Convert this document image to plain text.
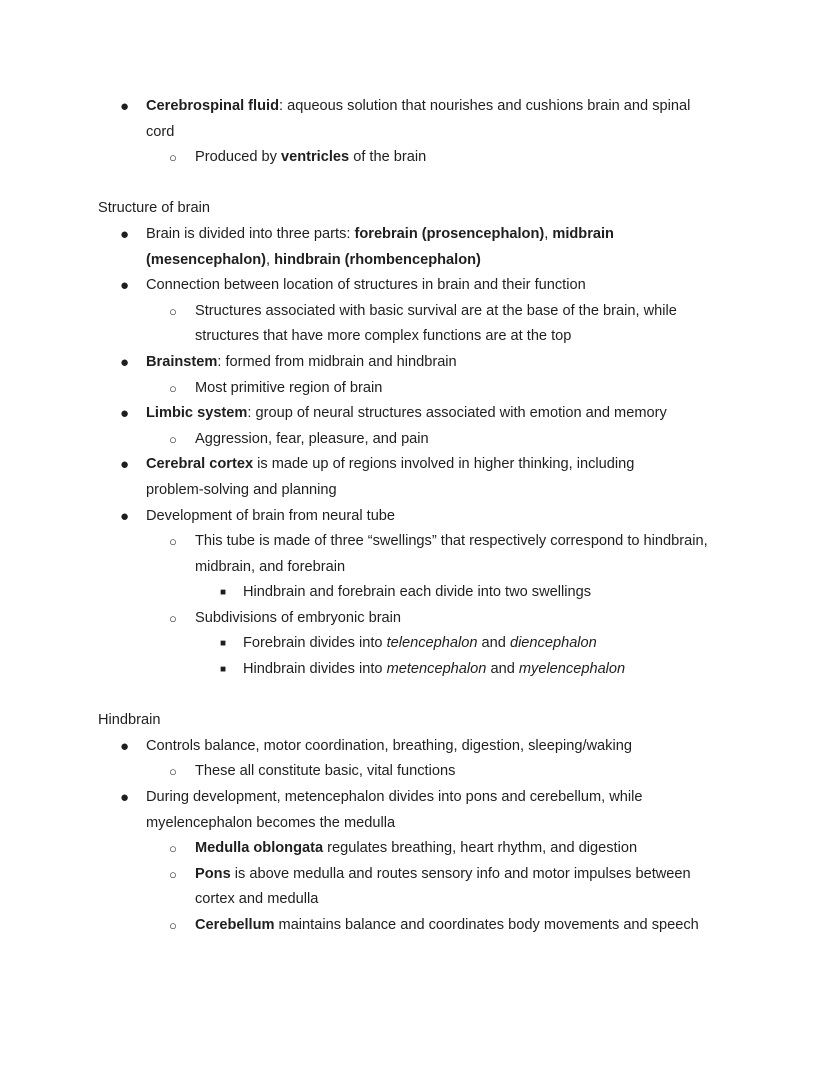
● Cerebrospinal fluid: aqueous solution that nourishes and cushions brain and spinal
cord
○ Produced by ventricles of the brain
Structure of brain
● Brain is divided into three parts: forebrain (prosencephalon), midbrain
(mesencephalon), hindbrain (rhombencephalon)
● Connection between location of structures in brain and their function
○ Structures associated with basic survival are at the base of the brain, while
structures that have more complex functions are at the top
● Brainstem: formed from midbrain and hindbrain
○ Most primitive region of brain
● Limbic system: group of neural structures associated with emotion and memory
○ Aggression, fear, pleasure, and pain
● Cerebral cortex is made up of regions involved in higher thinking, including
problem-solving and planning
● Development of brain from neural tube
○ This tube is made of three “swellings” that respectively correspond to hindbrain,
midbrain, and forebrain
■ Hindbrain and forebrain each divide into two swellings
○ Subdivisions of embryonic brain
■ Forebrain divides into telencephalon and diencephalon
■ Hindbrain divides into metencephalon and myelencephalon
Hindbrain
● Controls balance, motor coordination, breathing, digestion, sleeping/waking
○ These all constitute basic, vital functions
● During development, metencephalon divides into pons and cerebellum, while
myelencephalon becomes the medulla
○ Medulla oblongata regulates breathing, heart rhythm, and digestion
○ Pons is above medulla and routes sensory info and motor impulses between
cortex and medulla
○ Cerebellum maintains balance and coordinates body movements and speech
